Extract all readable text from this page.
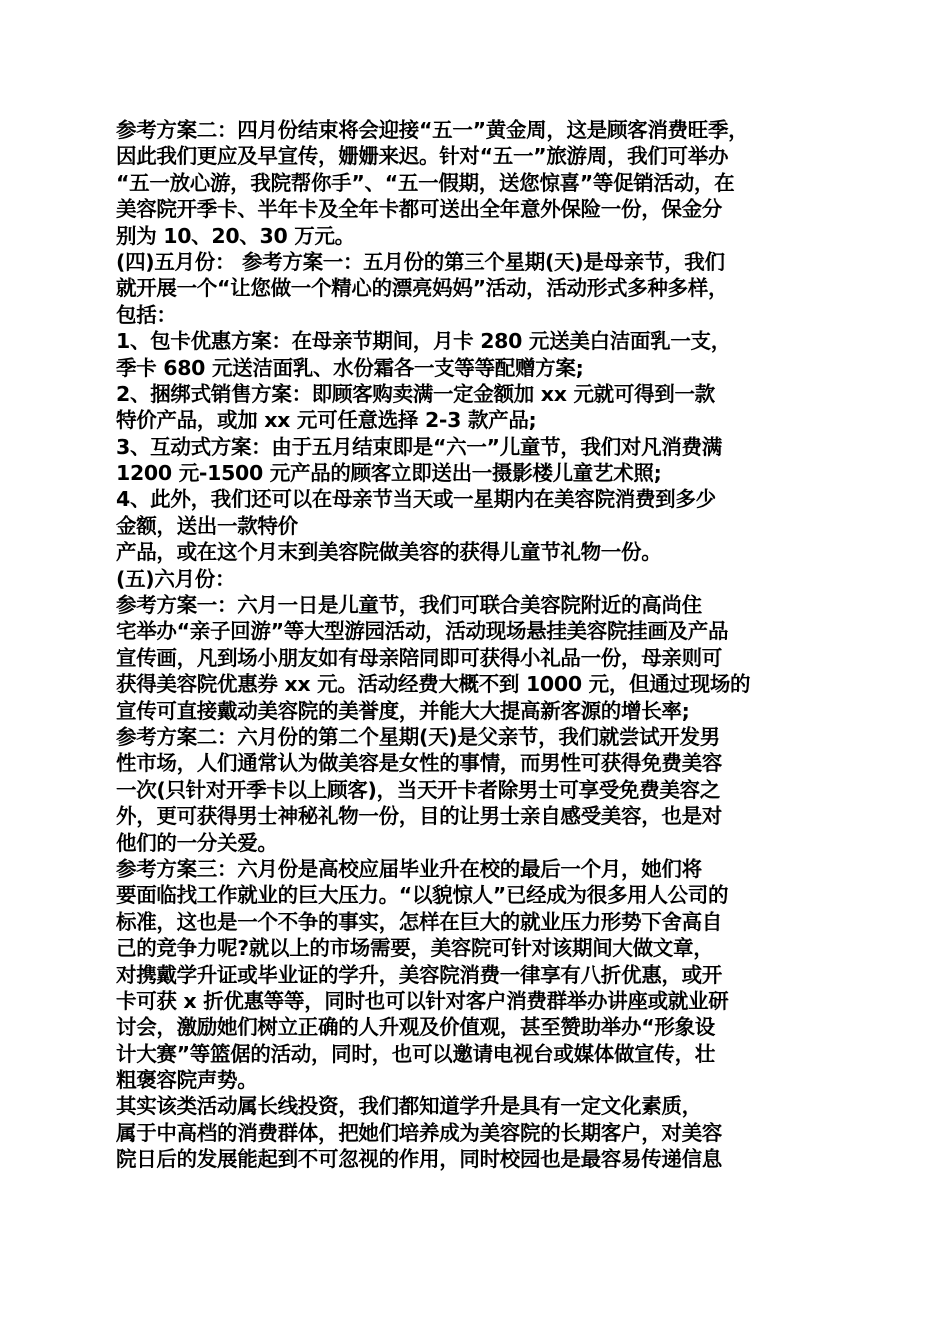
参考方案二：四月份结束将会迎接“五一”黄金周，这是顾客消费旺季，
因此我们更应及早宣传，姗姗来迟。针对“五一”旅游周，我们可举办
“五一放心游，我院帮你手”、“五一假期，送您惊喜”等促销活动，在
美容院开季卡、半年卡及全年卡都可送出全年意外保险一份，保金分
别为 10、20、30 万元。
(四)五月份： 参考方案一：五月份的第三个星期(天)是母亲节，我们
就开展一个“让您做一个精心的漂亮妈妈”活动，活动形式多种多样，
包括：
1、包卡优惠方案：在母亲节期间，月卡 280 元送美白洁面乳一支，
季卡 680 元送洁面乳、水份霜各一支等等配赠方案;
2、捆绑式销售方案：即顾客购卖满一定金额加 xx 元就可得到一款
特价产品，或加 xx 元可任意选择 2-3 款产品;
3、互动式方案：由于五月结束即是“六一”儿童节，我们对凡消费满
1200 元-1500 元产品的顾客立即送出一摄影楼儿童艺术照;
4、此外，我们还可以在母亲节当天或一星期内在美容院消费到多少
金额，送出一款特价
产品，或在这个月末到美容院做美容的获得儿童节礼物一份。
(五)六月份：
参考方案一：六月一日是儿童节，我们可联合美容院附近的高尚住
宅举办“亲子回游”等大型游园活动，活动现场悬挂美容院挂画及产品
宣传画，凡到场小朋友如有母亲陪同即可获得小礼品一份，母亲则可
获得美容院优惠券 xx 元。活动经费大概不到 1000 元，但通过现场的
宣传可直接戴动美容院的美誉度，并能大大提高新客源的增长率;
参考方案二：六月份的第二个星期(天)是父亲节，我们就尝试开发男
性市场，人们通常认为做美容是女性的事情，而男性可获得免费美容
一次(只针对开季卡以上顾客)，当天开卡者除男士可享受免费美容之
外，更可获得男士神秘礼物一份，目的让男士亲自感受美容，也是对
他们的一分关爱。
参考方案三：六月份是高校应届毕业升在校的最后一个月，她们将
要面临找工作就业的巨大压力。“以貌惊人”已经成为很多用人公司的
标准，这也是一个不争的事实，怎样在巨大的就业压力形势下舍高自
己的竞争力呢?就以上的市场需要，美容院可针对该期间大做文章，
对携戴学升证或毕业证的学升，美容院消费一律享有八折优惠，或开
卡可获 x 折优惠等等，同时也可以针对客户消费群举办讲座或就业研
讨会，激励她们树立正确的人升观及价值观，甚至赞助举办“形象设
计大赛”等篮倨的活动，同时，也可以邀请电视台或媒体做宣传，壮
粗褒容院声势。
其实该类活动属长线投资，我们都知道学升是具有一定文化素质，
属于中高档的消费群体，把她们培养成为美容院的长期客户，对美容
院日后的发展能起到不可忽视的作用，同时校园也是最容易传递信息
